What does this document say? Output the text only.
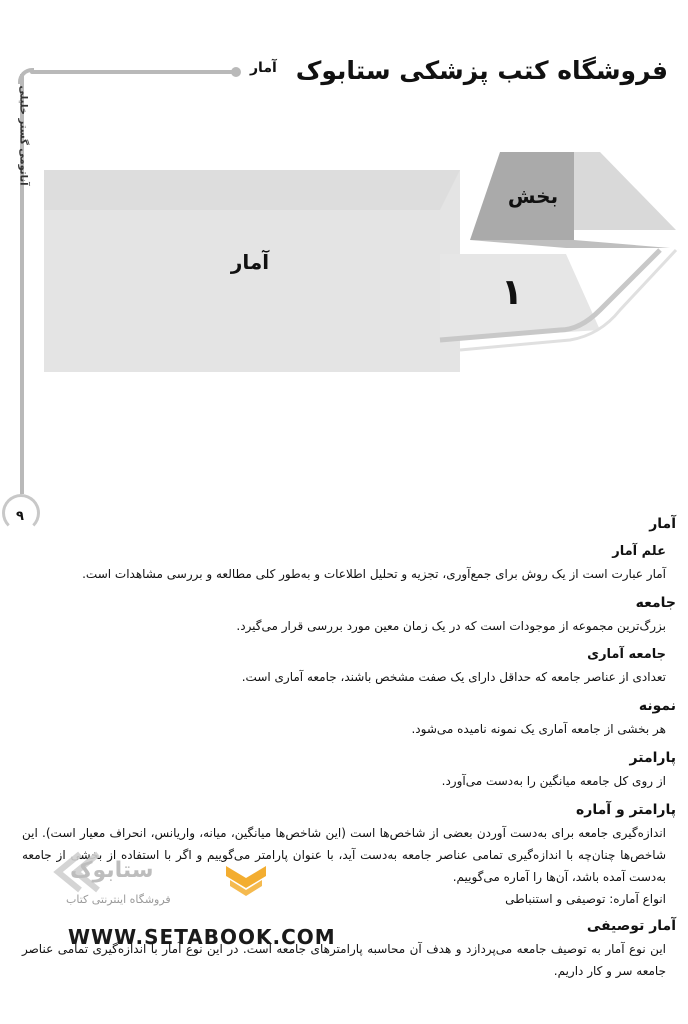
فروشگاه کتب پزشکی ستابوک
آمار
آناتومی گستر خلیلی
۹
بخش
۱
آمار

آمار

علم آمار

آمار عبارت است از یک روش برای جمع‌آوری، تجزیه و تحلیل اطلاعات و به‌طور کلی مطالعه و بررسی مشاهدات است.

جامعه

بزرگ‌ترین مجموعه از موجودات است که در یک زمان معین مورد بررسی قرار می‌گیرد.

جامعه آماری

تعدادی از عناصر جامعه که حداقل دارای یک صفت مشخص باشند، جامعه آماری است.

نمونه

هر بخشی از جامعه آماری یک نمونه نامیده می‌شود.

پارامتر

از روی کل جامعه میانگین را به‌دست می‌آورد.

پارامتر و آماره

اندازه‌گیری جامعه برای به‌دست آوردن بعضی از شاخص‌ها است (این شاخص‌ها میانگین، میانه، واریانس، انحراف معیار است). این شاخص‌ها چنان‌چه با اندازه‌گیری تمامی عناصر جامعه به‌دست آید، با عنوان پارامتر می‌گوییم و اگر با استفاده از بخشی از جامعه به‌دست آمده باشد، آن‌ها را آماره می‌گوییم.

انواع آماره: توصیفی و استنباطی

آمار توصیفی

این نوع آمار به توصیف جامعه می‌پردازد و هدف آن محاسبه پارامترهای جامعه است. در این نوع آمار با اندازه‌گیری تمامی عناصر جامعه سر و کار داریم.

ستابوک
فروشگاه اینترنتی کتاب
WWW.SETABOOK.COM
